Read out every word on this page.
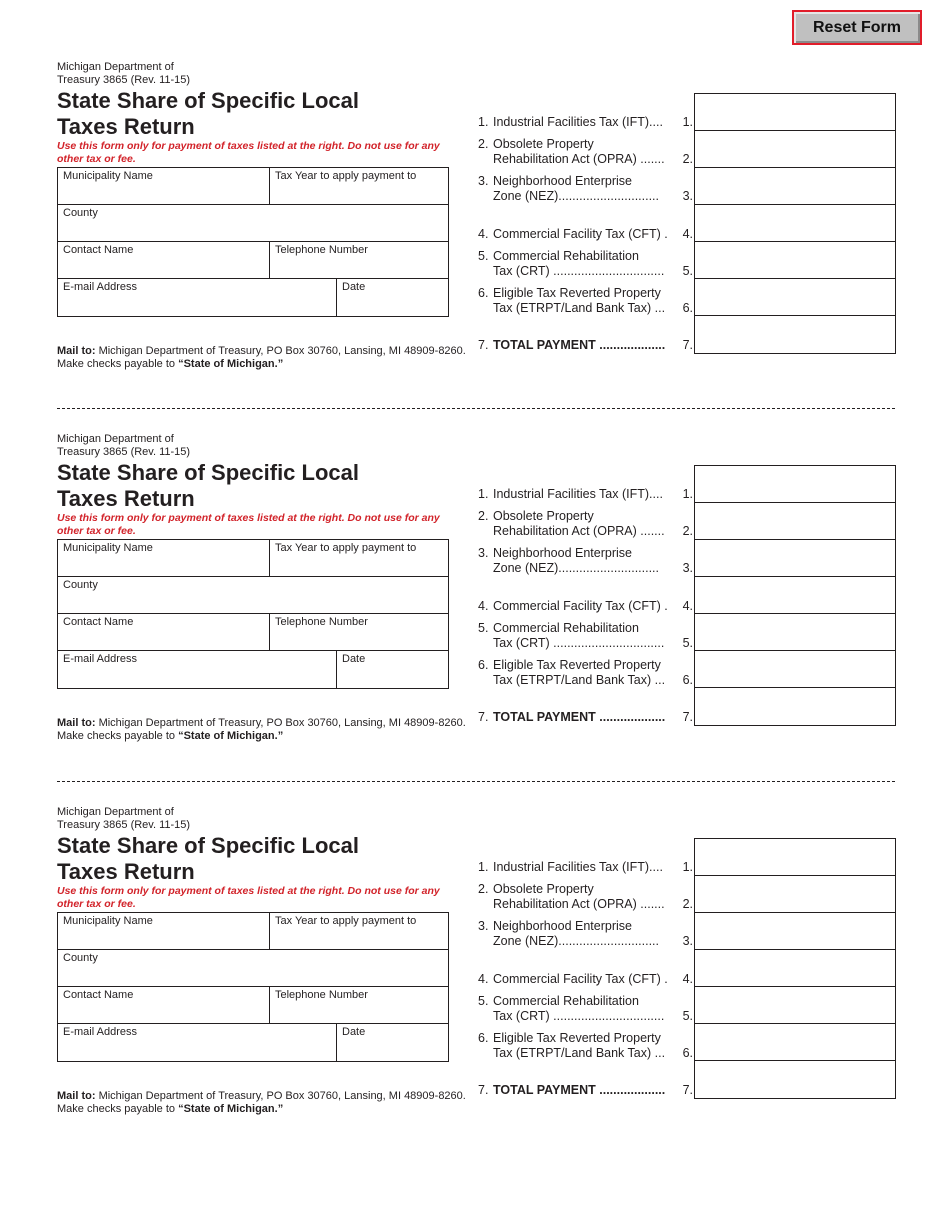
Reset Form
Michigan Department of
Treasury 3865 (Rev. 11-15)
State Share of Specific Local
Taxes Return
Use this form only for payment of taxes listed at the right. Do not use for any other tax or fee.
Municipality Name	Tax Year to apply payment to
County
Contact Name	Telephone Number
E-mail Address	Date
Mail to: Michigan Department of Treasury, PO Box 30760, Lansing, MI 48909-8260.
Make checks payable to “State of Michigan.”
1. Industrial Facilities Tax (IFT).... 1.
2. Obsolete Property
Rehabilitation Act (OPRA) ....... 2.
3. Neighborhood Enterprise
Zone (NEZ).............................	3.
4. Commercial Facility Tax (CFT) . 4.
5. Commercial Rehabilitation
Tax (CRT) ................................ 5.
6. Eligible Tax Reverted Property
Tax (ETRPT/Land Bank Tax) ... 6.
7. TOTAL PAYMENT ................... 7.
Michigan Department of
Treasury 3865 (Rev. 11-15)
State Share of Specific Local
Taxes Return
Use this form only for payment of taxes listed at the right. Do not use for any other tax or fee.
Municipality Name	Tax Year to apply payment to
County
Contact Name	Telephone Number
E-mail Address	Date
Mail to: Michigan Department of Treasury, PO Box 30760, Lansing, MI 48909-8260.
Make checks payable to “State of Michigan.”
1. Industrial Facilities Tax (IFT).... 1.
2. Obsolete Property
Rehabilitation Act (OPRA) ....... 2.
3. Neighborhood Enterprise
Zone (NEZ).............................	3.
4. Commercial Facility Tax (CFT) . 4.
5. Commercial Rehabilitation
Tax (CRT) ................................ 5.
6. Eligible Tax Reverted Property
Tax (ETRPT/Land Bank Tax) ... 6.
7. TOTAL PAYMENT ................... 7.
Michigan Department of
Treasury 3865 (Rev. 11-15)
State Share of Specific Local
Taxes Return
Use this form only for payment of taxes listed at the right. Do not use for any other tax or fee.
Municipality Name	Tax Year to apply payment to
County
Contact Name	Telephone Number
E-mail Address	Date
Mail to: Michigan Department of Treasury, PO Box 30760, Lansing, MI 48909-8260.
Make checks payable to “State of Michigan.”
1. Industrial Facilities Tax (IFT).... 1.
2. Obsolete Property
Rehabilitation Act (OPRA) ....... 2.
3. Neighborhood Enterprise
Zone (NEZ).............................	3.
4. Commercial Facility Tax (CFT) . 4.
5. Commercial Rehabilitation
Tax (CRT) ................................ 5.
6. Eligible Tax Reverted Property
Tax (ETRPT/Land Bank Tax) ... 6.
7. TOTAL PAYMENT ................... 7.
